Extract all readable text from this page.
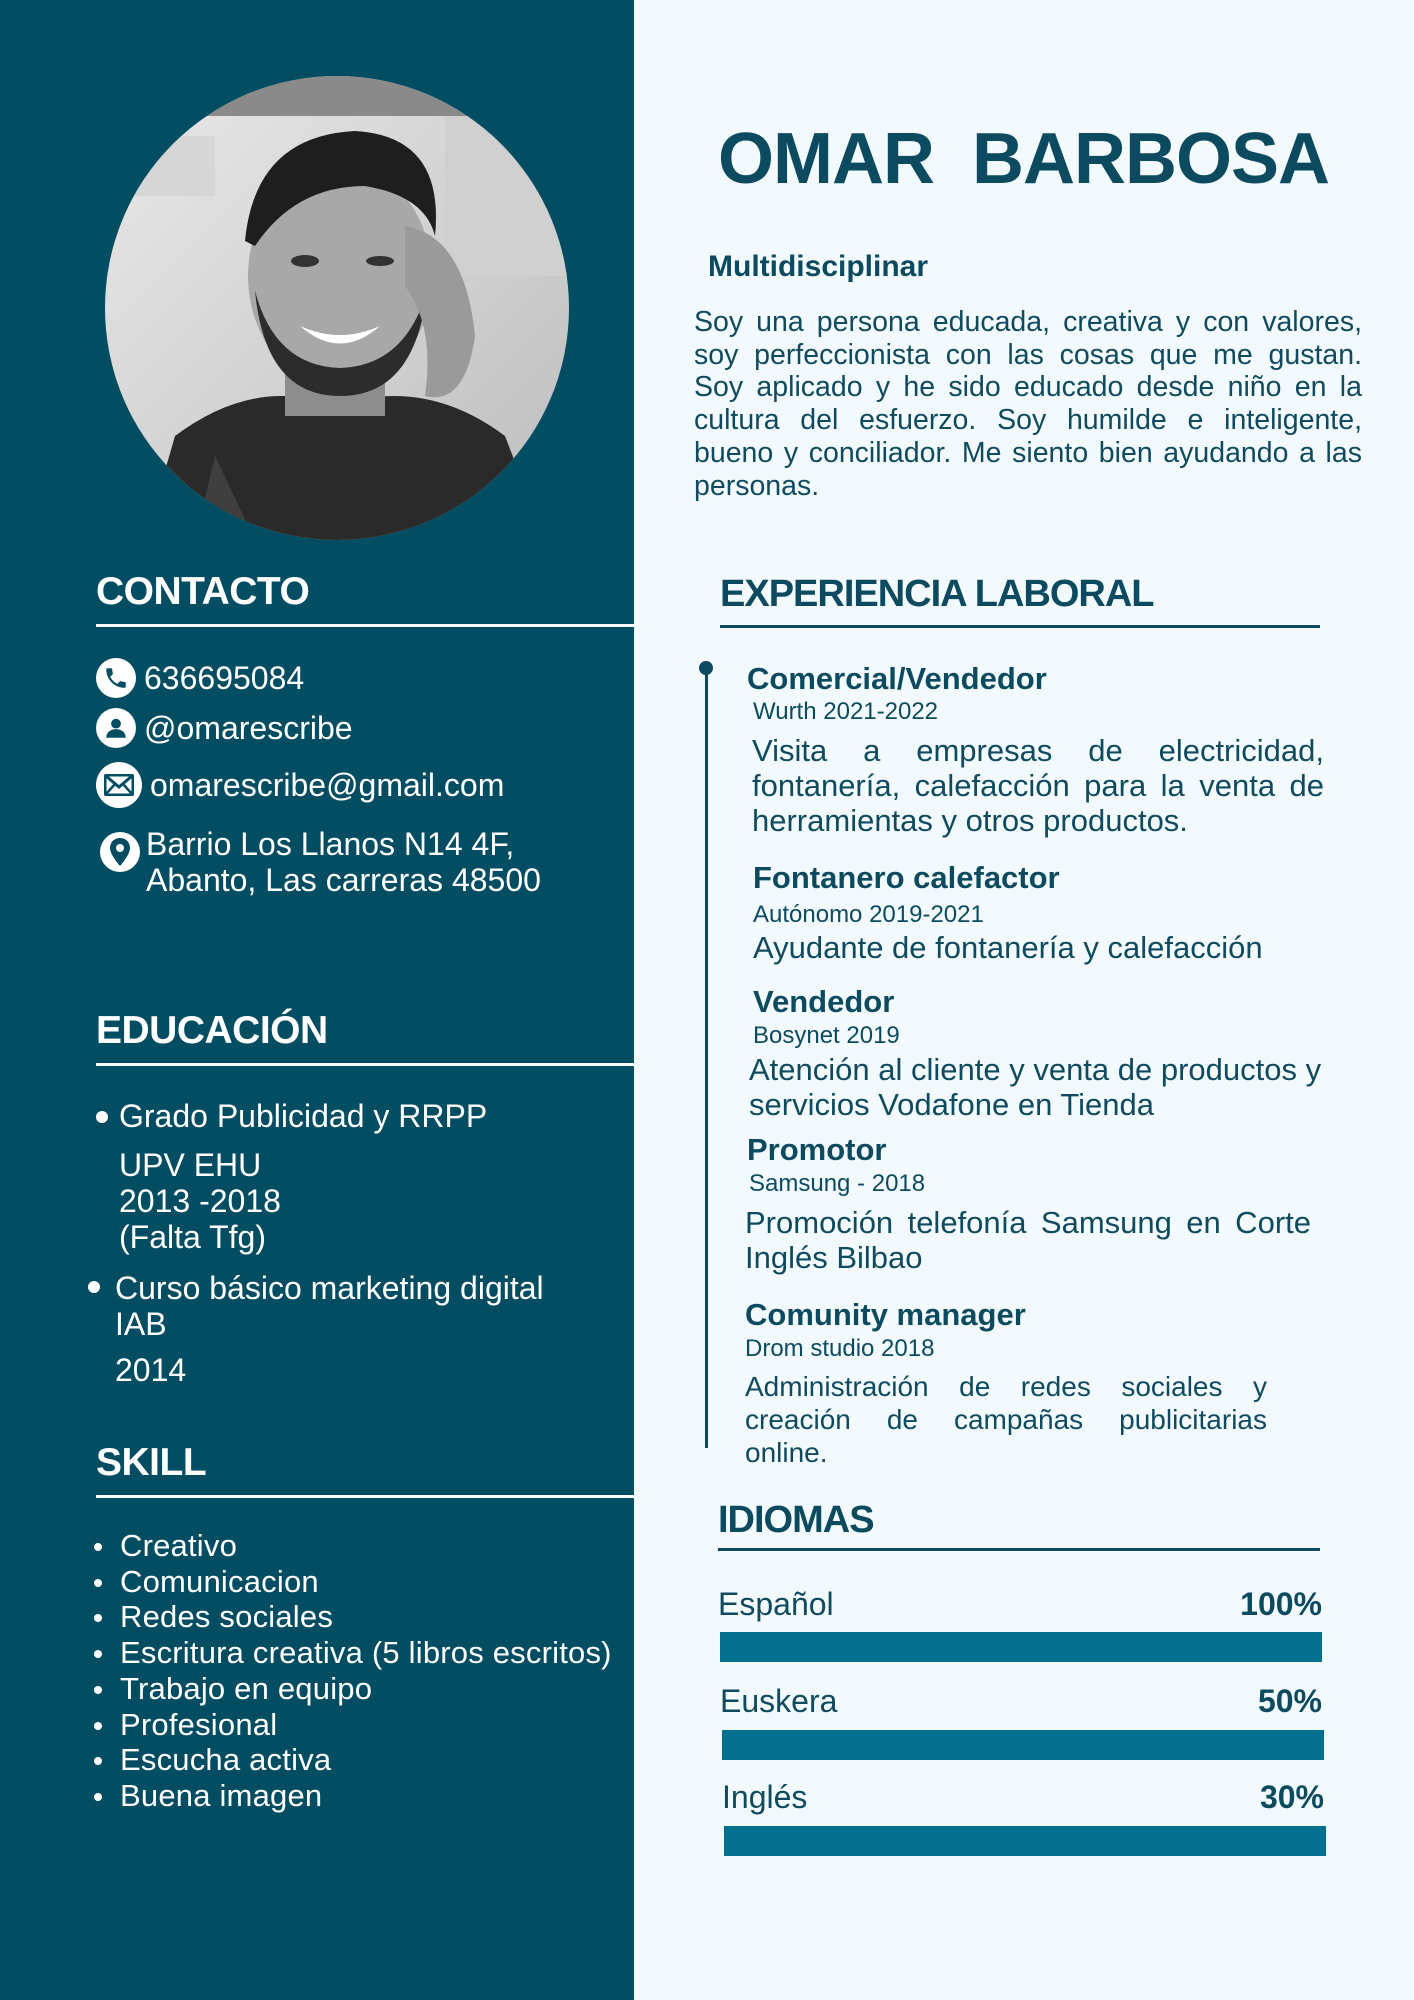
CONTACTO
636695084
@omarescribe
omarescribe@gmail.com
Barrio Los Llanos N14 4F,
Abanto, Las carreras 48500
EDUCACIÓN
Grado Publicidad y RRPP
UPV EHU
2013 -2018
(Falta Tfg)
Curso básico marketing digital
IAB
2014
SKILL
Creativo
Comunicacion
Redes sociales
Escritura creativa (5 libros escritos)
Trabajo en equipo
Profesional
Escucha activa
Buena imagen
OMAR  BARBOSA
Multidisciplinar
Soy una persona educada, creativa y con valores, soy perfeccionista con las cosas que me gustan. Soy aplicado y he sido educado desde niño en la cultura del esfuerzo. Soy humilde e inteligente, bueno y conciliador. Me siento bien ayudando a las personas.
EXPERIENCIA LABORAL
Comercial/Vendedor
Wurth 2021-2022
Visita a empresas de electricidad, fontanería, calefacción para la venta de herramientas y otros productos.
Fontanero calefactor
Autónomo 2019-2021
Ayudante de fontanería y calefacción
Vendedor
Bosynet 2019
Atención al cliente y venta de productos y servicios Vodafone en Tienda
Promotor
Samsung - 2018
Promoción telefonía Samsung en Corte Inglés Bilbao
Comunity manager
Drom studio 2018
Administración de redes sociales y creación de campañas publicitarias online.
IDIOMAS
Español	100%
Euskera	50%
Inglés	30%
